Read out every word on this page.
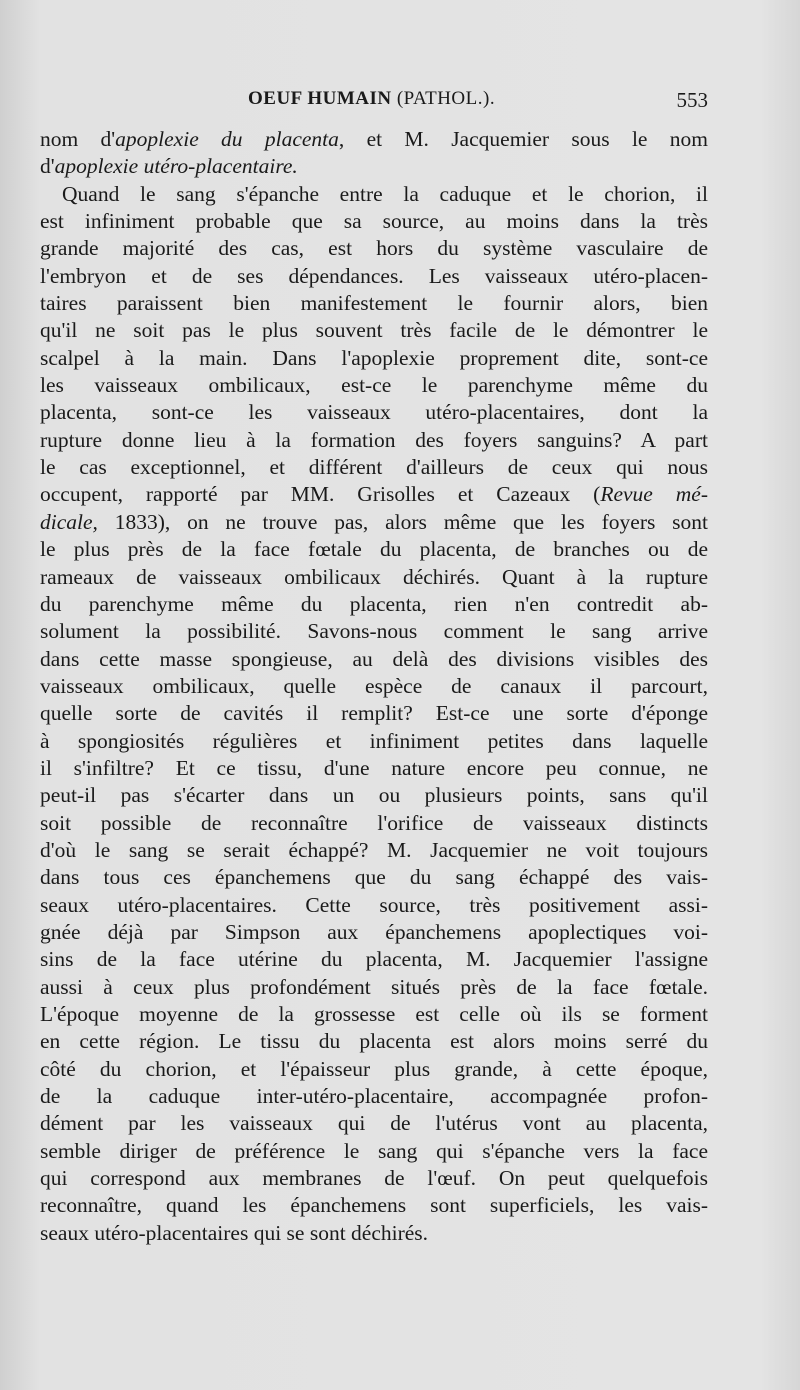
OEUF HUMAIN (PATHOL.).	553
nom d'apoplexie du placenta, et M. Jacquemier sous le nom
d'apoplexie utéro-placentaire.
Quand le sang s'épanche entre la caduque et le chorion, il
est infiniment probable que sa source, au moins dans la très
grande majorité des cas, est hors du système vasculaire de
l'embryon et de ses dépendances. Les vaisseaux utéro-placen-
taires paraissent bien manifestement le fournir alors, bien
qu'il ne soit pas le plus souvent très facile de le démontrer le
scalpel à la main. Dans l'apoplexie proprement dite, sont-ce
les vaisseaux ombilicaux, est-ce le parenchyme même du
placenta, sont-ce les vaisseaux utéro-placentaires, dont la
rupture donne lieu à la formation des foyers sanguins? A part
le cas exceptionnel, et différent d'ailleurs de ceux qui nous
occupent, rapporté par MM. Grisolles et Cazeaux (Revue mé-
dicale, 1833), on ne trouve pas, alors même que les foyers sont
le plus près de la face fœtale du placenta, de branches ou de
rameaux de vaisseaux ombilicaux déchirés. Quant à la rupture
du parenchyme même du placenta, rien n'en contredit ab-
solument la possibilité. Savons-nous comment le sang arrive
dans cette masse spongieuse, au delà des divisions visibles des
vaisseaux ombilicaux, quelle espèce de canaux il parcourt,
quelle sorte de cavités il remplit? Est-ce une sorte d'éponge
à spongiosités régulières et infiniment petites dans laquelle
il s'infiltre? Et ce tissu, d'une nature encore peu connue, ne
peut-il pas s'écarter dans un ou plusieurs points, sans qu'il
soit possible de reconnaître l'orifice de vaisseaux distincts
d'où le sang se serait échappé? M. Jacquemier ne voit toujours
dans tous ces épanchemens que du sang échappé des vais-
seaux utéro-placentaires. Cette source, très positivement assi-
gnée déjà par Simpson aux épanchemens apoplectiques voi-
sins de la face utérine du placenta, M. Jacquemier l'assigne
aussi à ceux plus profondément situés près de la face fœtale.
L'époque moyenne de la grossesse est celle où ils se forment
en cette région. Le tissu du placenta est alors moins serré du
côté du chorion, et l'épaisseur plus grande, à cette époque,
de la caduque inter-utéro-placentaire, accompagnée profon-
dément par les vaisseaux qui de l'utérus vont au placenta,
semble diriger de préférence le sang qui s'épanche vers la face
qui correspond aux membranes de l'œuf. On peut quelquefois
reconnaître, quand les épanchemens sont superficiels, les vais-
seaux utéro-placentaires qui se sont déchirés.
